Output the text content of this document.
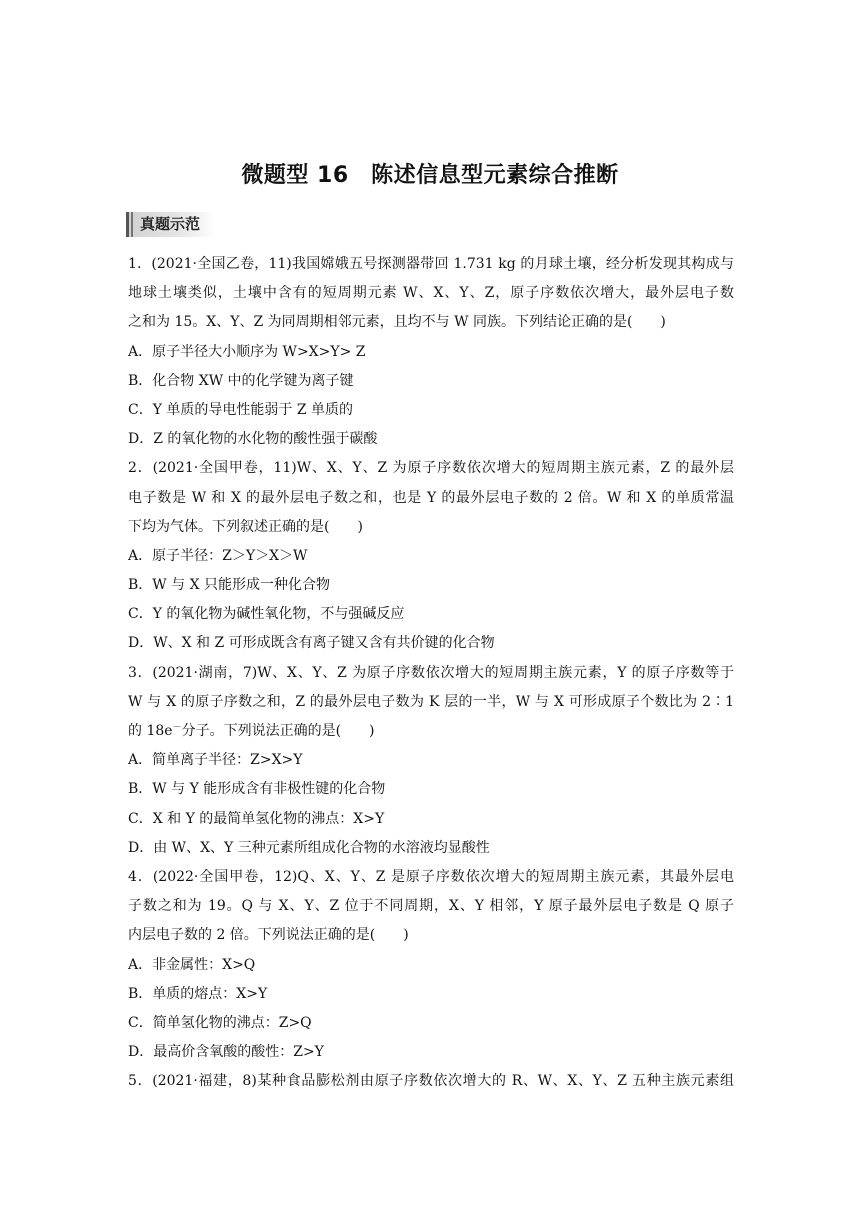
微题型 16　陈述信息型元素综合推断
真题示范
1．(2021·全国乙卷，11)我国嫦娥五号探测器带回 1.731 kg 的月球土壤，经分析发现其构成与
地球土壤类似，土壤中含有的短周期元素 W、X、Y、Z，原子序数依次增大，最外层电子数
之和为 15。X、Y、Z 为同周期相邻元素，且均不与 W 同族。下列结论正确的是(　　)
A．原子半径大小顺序为 W>X>Y> Z
B．化合物 XW 中的化学键为离子键
C．Y 单质的导电性能弱于 Z 单质的
D．Z 的氧化物的水化物的酸性强于碳酸
2．(2021·全国甲卷，11)W、X、Y、Z 为原子序数依次增大的短周期主族元素，Z 的最外层
电子数是 W 和 X 的最外层电子数之和，也是 Y 的最外层电子数的 2 倍。W 和 X 的单质常温
下均为气体。下列叙述正确的是(　　)
A．原子半径：Z＞Y＞X＞W
B．W 与 X 只能形成一种化合物
C．Y 的氧化物为碱性氧化物，不与强碱反应
D．W、X 和 Z 可形成既含有离子键又含有共价键的化合物
3．(2021·湖南，7)W、X、Y、Z 为原子序数依次增大的短周期主族元素，Y 的原子序数等于
W 与 X 的原子序数之和，Z 的最外层电子数为 K 层的一半，W 与 X 可形成原子个数比为 2∶1
的 18e－分子。下列说法正确的是(　　)
A．简单离子半径：Z>X>Y
B．W 与 Y 能形成含有非极性键的化合物
C．X 和 Y 的最简单氢化物的沸点：X>Y
D．由 W、X、Y 三种元素所组成化合物的水溶液均显酸性
4．(2022·全国甲卷，12)Q、X、Y、Z 是原子序数依次增大的短周期主族元素，其最外层电
子数之和为 19。Q 与 X、Y、Z 位于不同周期，X、Y 相邻，Y 原子最外层电子数是 Q 原子
内层电子数的 2 倍。下列说法正确的是(　　)
A．非金属性：X>Q
B．单质的熔点：X>Y
C．简单氢化物的沸点：Z>Q
D．最高价含氧酸的酸性：Z>Y
5．(2021·福建，8)某种食品膨松剂由原子序数依次增大的 R、W、X、Y、Z 五种主族元素组
